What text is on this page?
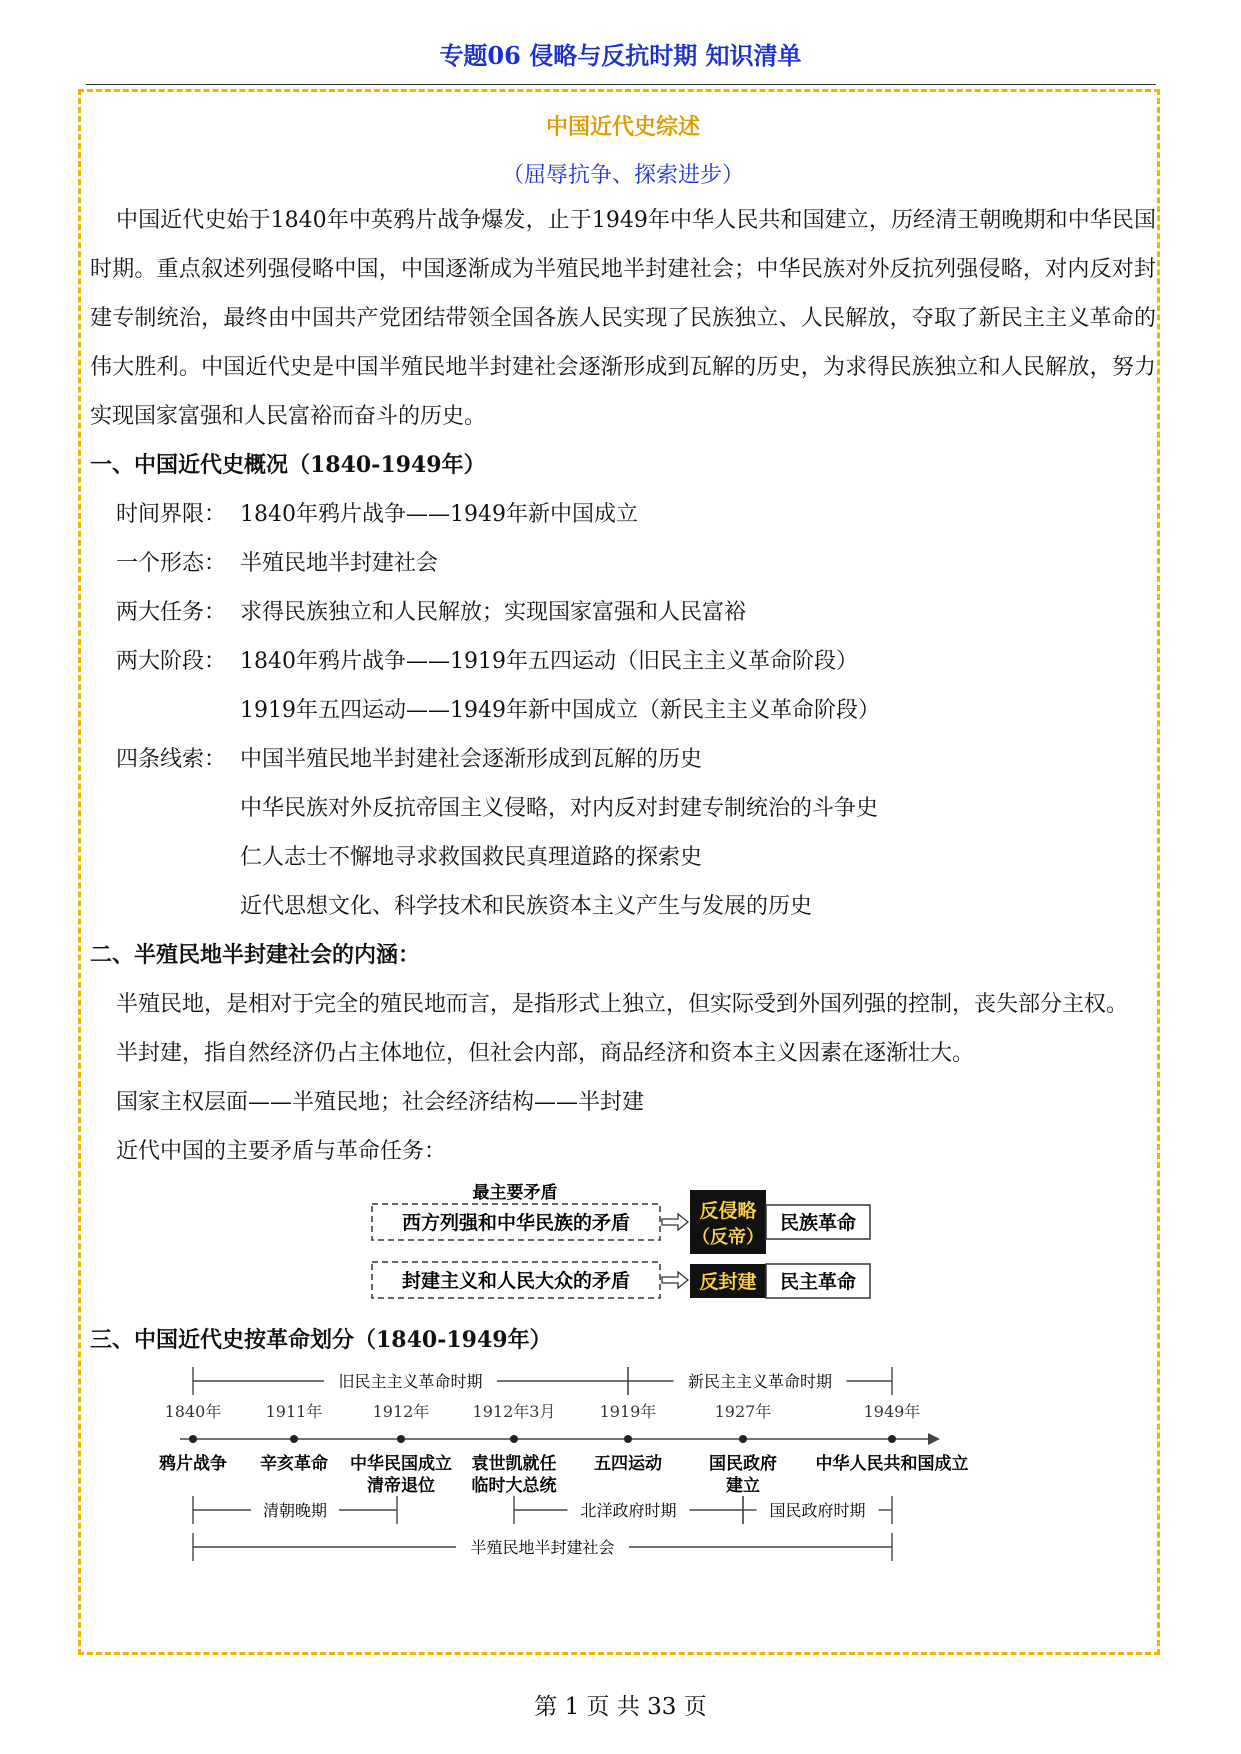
专题06 侵略与反抗时期 知识清单
中国近代史综述
（屈辱抗争、探索进步）

中国近代史始于1840年中英鸦片战争爆发，止于1949年中华人民共和国建立，历经清王朝晚期和中华民国时期。重点叙述列强侵略中国，中国逐渐成为半殖民地半封建社会；中华民族对外反抗列强侵略，对内反对封建专制统治，最终由中国共产党团结带领全国各族人民实现了民族独立、人民解放，夺取了新民主主义革命的伟大胜利。中国近代史是中国半殖民地半封建社会逐渐形成到瓦解的历史，为求得民族独立和人民解放，努力实现国家富强和人民富裕而奋斗的历史。

一、中国近代史概况（1840-1949年）
时间界限： 1840年鸦片战争——1949年新中国成立
一个形态： 半殖民地半封建社会
两大任务： 求得民族独立和人民解放；实现国家富强和人民富裕
两大阶段： 1840年鸦片战争——1919年五四运动（旧民主主义革命阶段）
1919年五四运动——1949年新中国成立（新民主主义革命阶段）
四条线索： 中国半殖民地半封建社会逐渐形成到瓦解的历史
中华民族对外反抗帝国主义侵略，对内反对封建专制统治的斗争史
仁人志士不懈地寻求救国救民真理道路的探索史
近代思想文化、科学技术和民族资本主义产生与发展的历史
二、半殖民地半封建社会的内涵：

半殖民地，是相对于完全的殖民地而言，是指形式上独立，但实际受到外国列强的控制，丧失部分主权。

半封建，指自然经济仍占主体地位，但社会内部，商品经济和资本主义因素在逐渐壮大。

国家主权层面——半殖民地；社会经济结构——半封建

近代中国的主要矛盾与革命任务：

最主要矛盾
西方列强和中华民族的矛盾
反侵略
（反帝）
民族革命
封建主义和人民大众的矛盾	反封建 民主革命
三、中国近代史按革命划分（1840-1949年）
旧民主主义革命时期	新民主主义革命时期
1840年
鸦片战争
1911年
辛亥革命
1912年
中华民国成立
清帝退位
1912年3月
袁世凯就任
临时大总统
1919年
五四运动
1927年
国民政府
建立
1949年
中华人民共和国成立
清朝晚期	北洋政府时期	国民政府时期
半殖民地半封建社会
第 1 页 共 33 页
